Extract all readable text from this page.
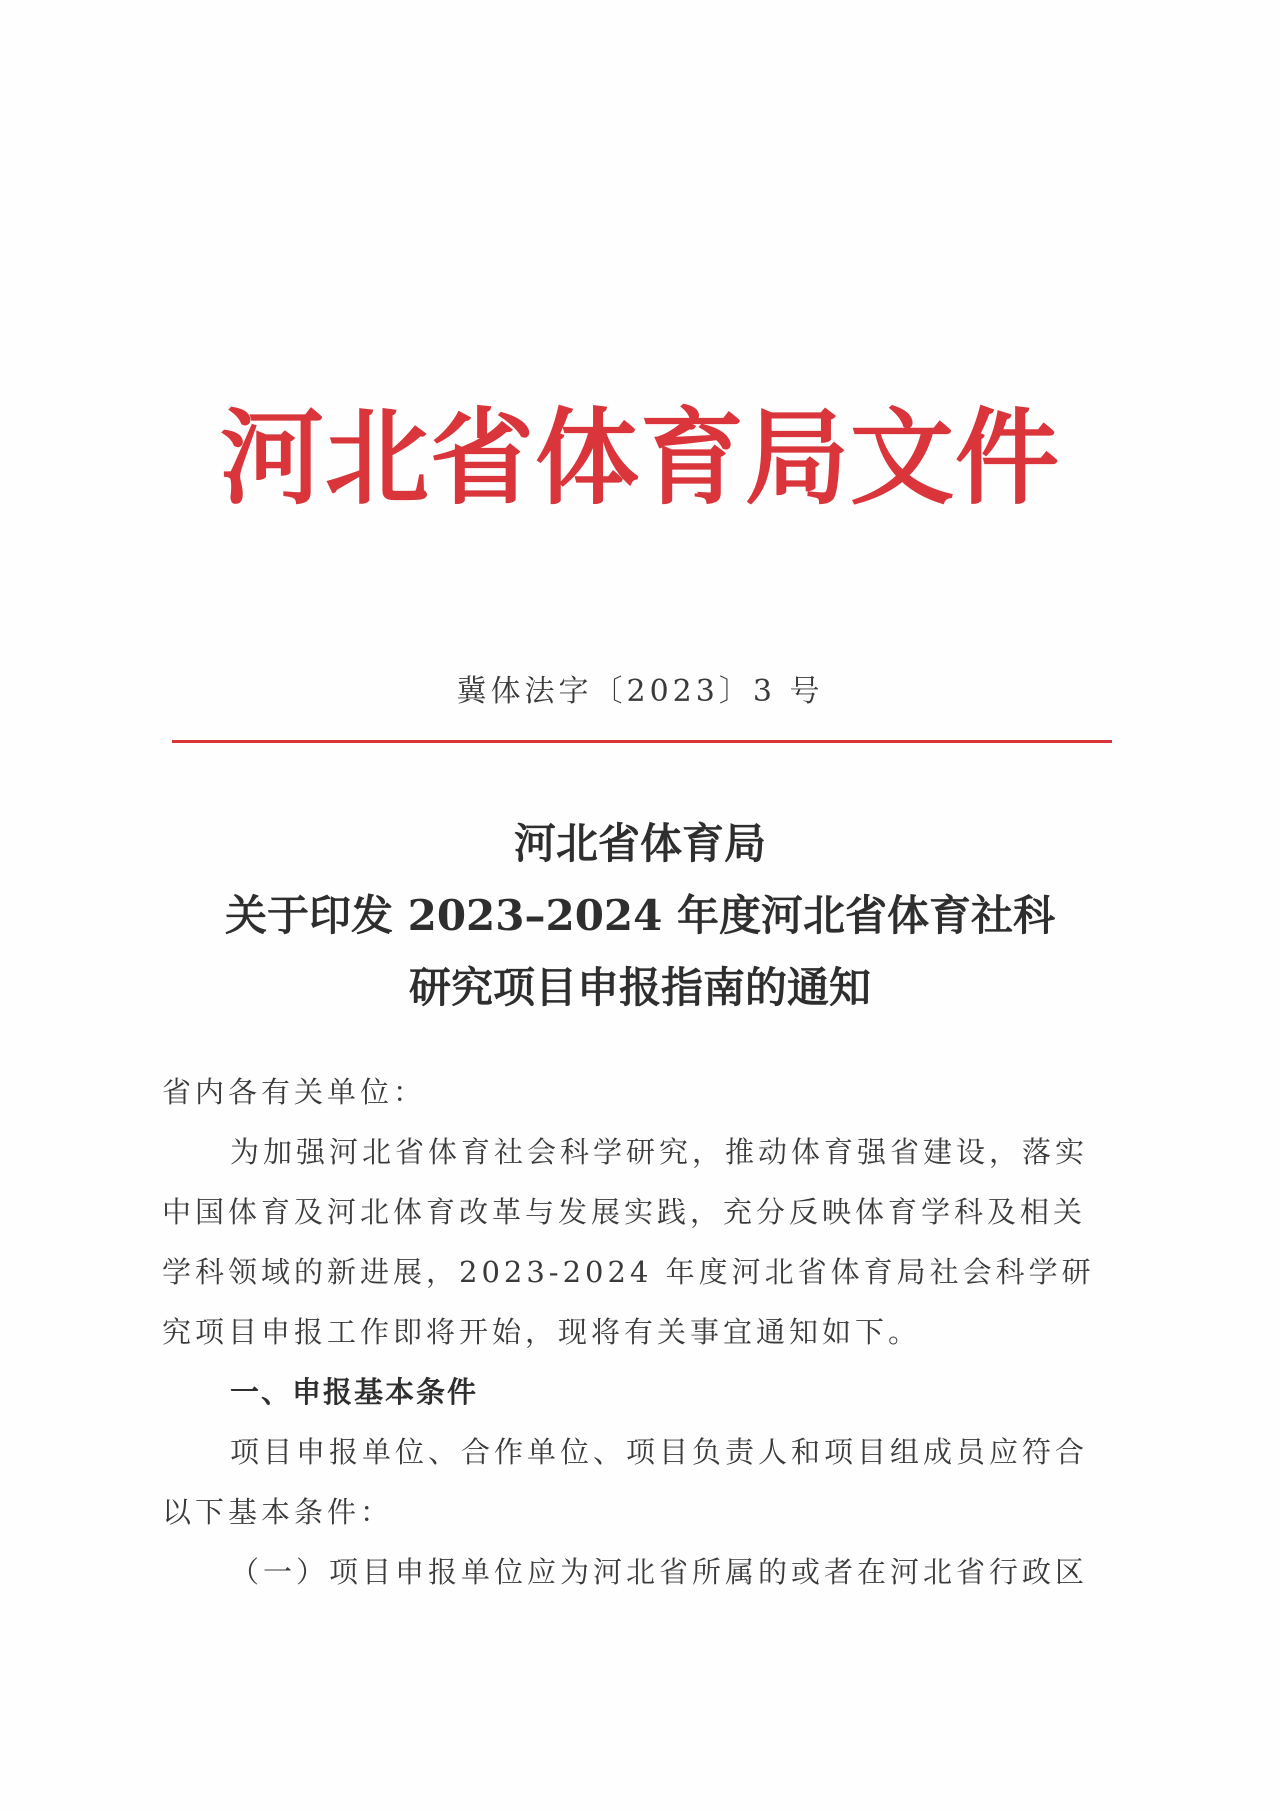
河北省体育局文件
冀体法字〔2023〕3 号
河北省体育局
关于印发 2023–2024 年度河北省体育社科
研究项目申报指南的通知

省内各有关单位：

为加强河北省体育社会科学研究，推动体育强省建设，落实中国体育及河北体育改革与发展实践，充分反映体育学科及相关学科领域的新进展，2023-2024 年度河北省体育局社会科学研究项目申报工作即将开始，现将有关事宜通知如下。

一、申报基本条件

项目申报单位、合作单位、项目负责人和项目组成员应符合以下基本条件：

（一）项目申报单位应为河北省所属的或者在河北省行政区
